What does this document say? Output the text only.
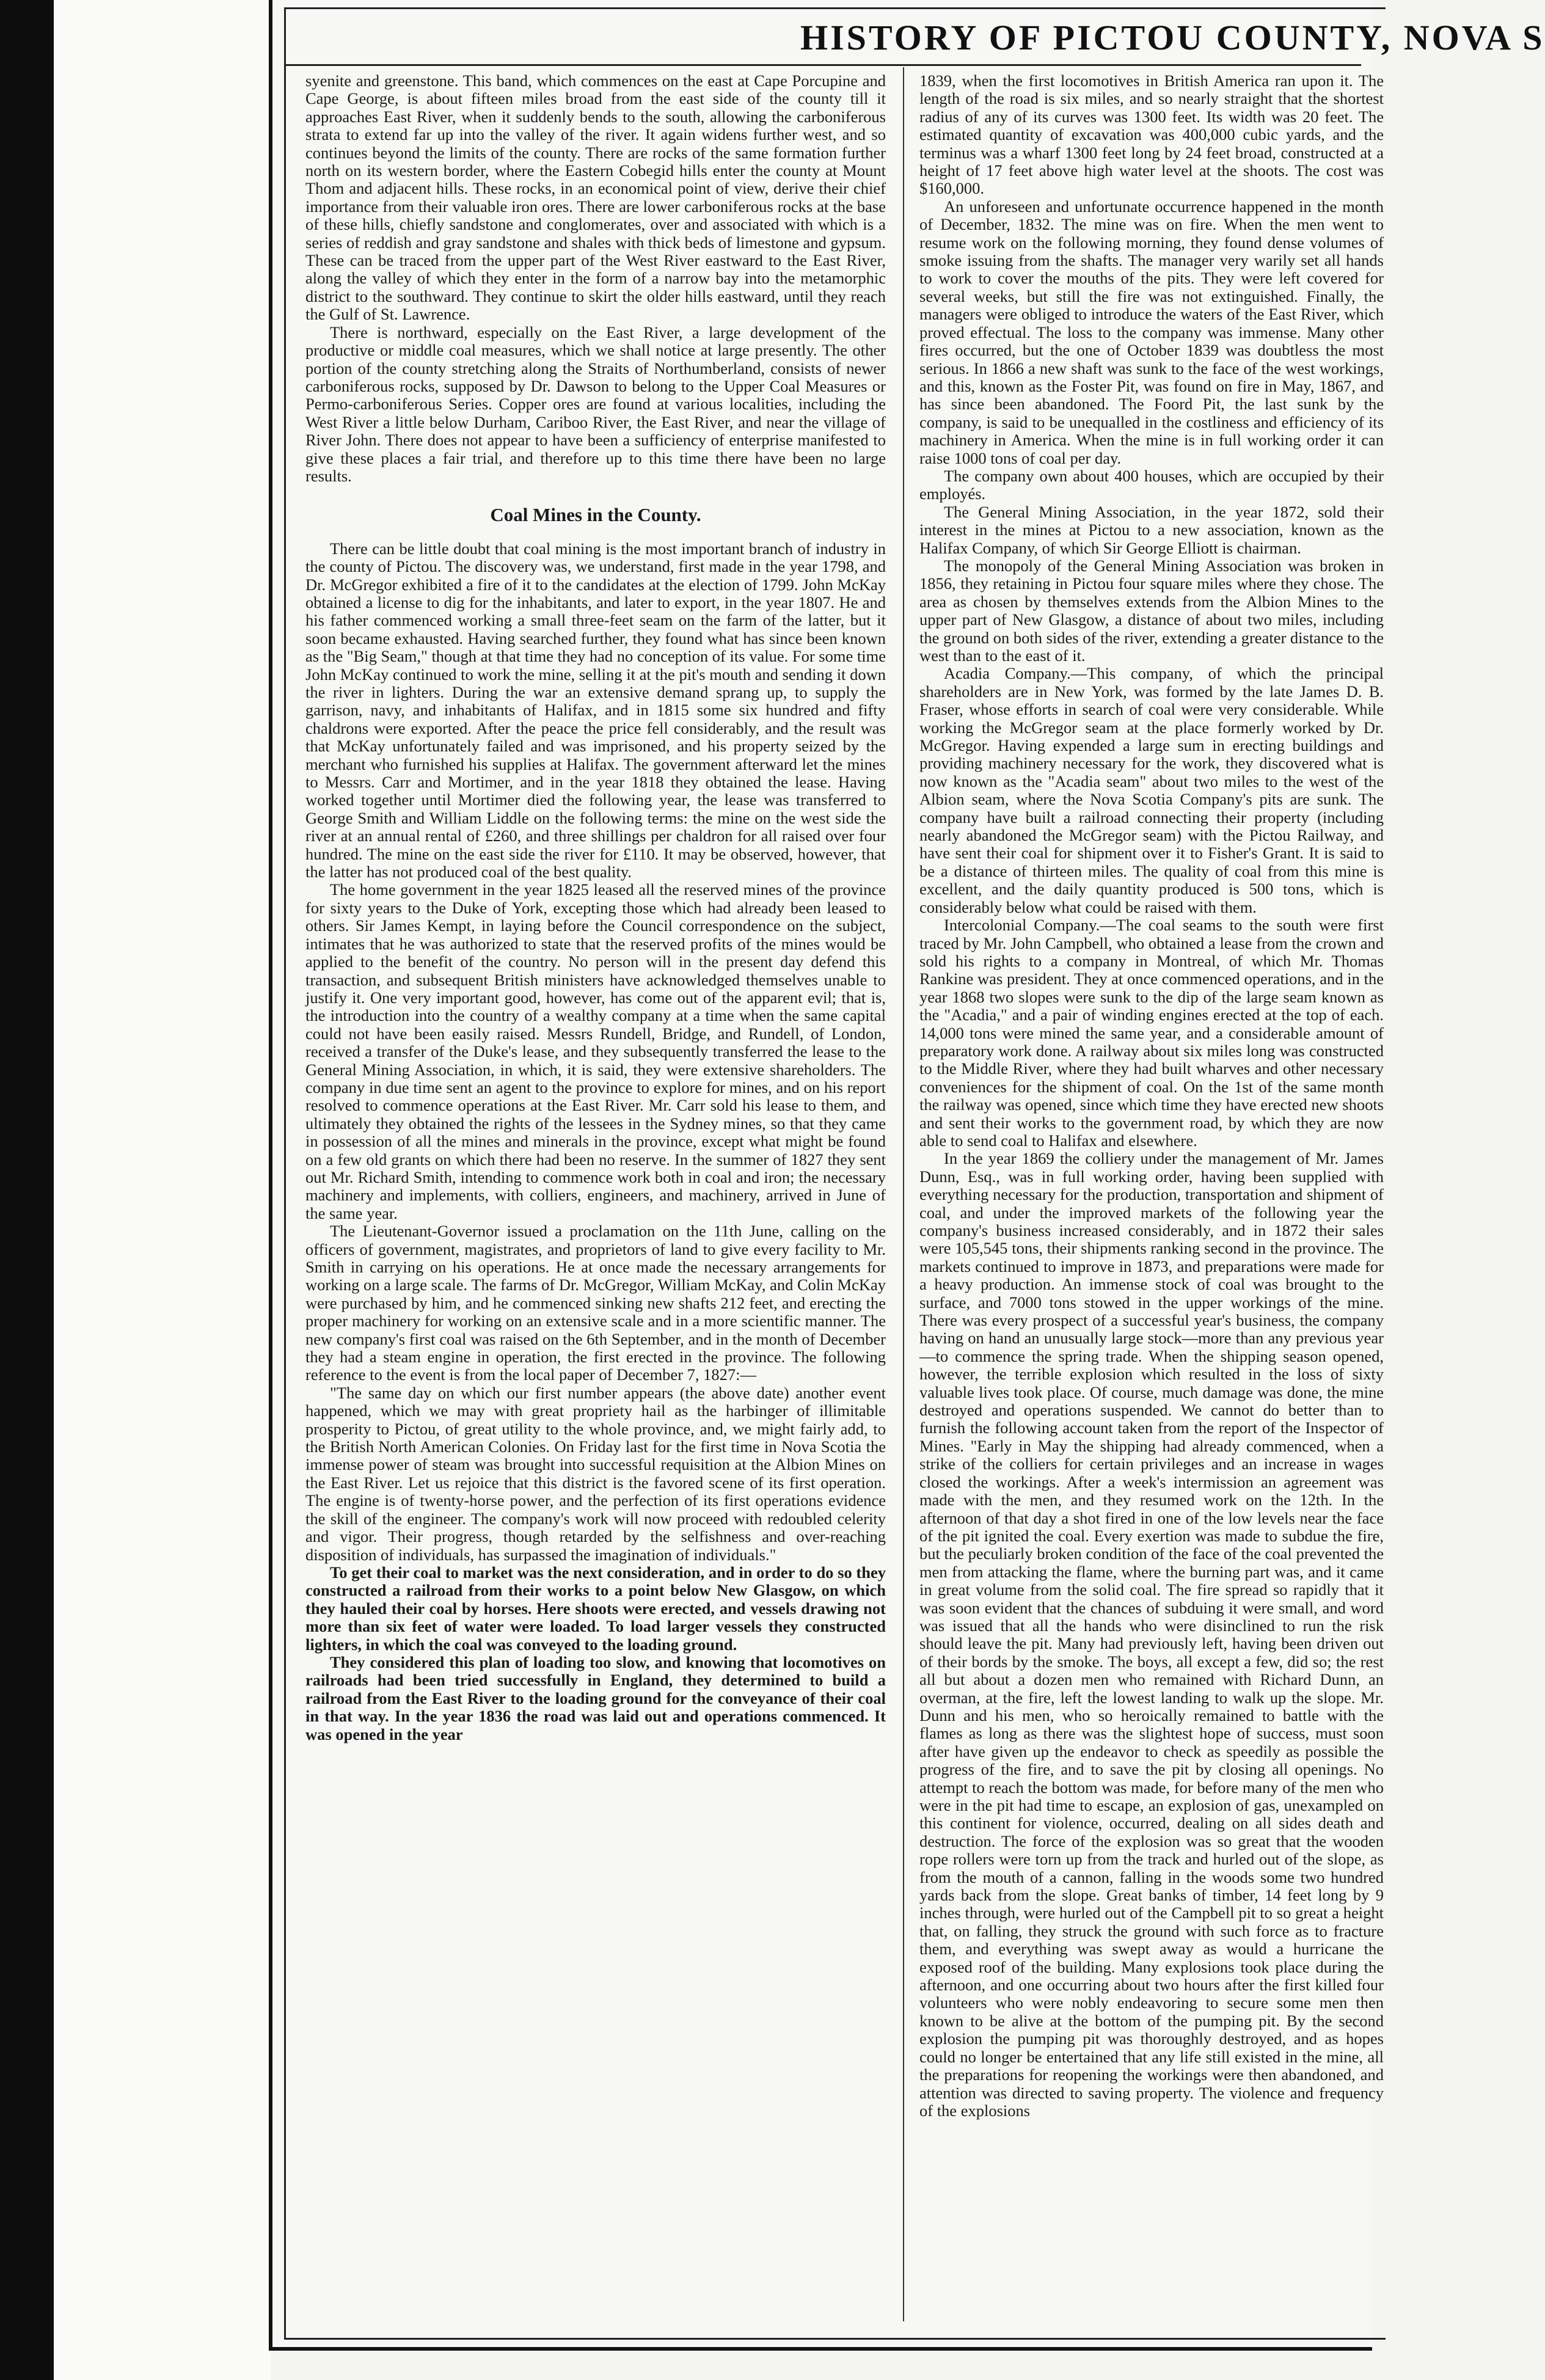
HISTORY OF PICTOU COUNTY, NOVA S

syenite and greenstone. This band, which commences on the east at Cape Porcupine and Cape George, is about fifteen miles broad from the east side of the county till it approaches East River, when it suddenly bends to the south, allowing the carboniferous strata to extend far up into the valley of the river. It again widens further west, and so continues beyond the limits of the county. There are rocks of the same formation further north on its western border, where the Eastern Cobegid hills enter the county at Mount Thom and adjacent hills. These rocks, in an economical point of view, derive their chief importance from their valuable iron ores. There are lower carboniferous rocks at the base of these hills, chiefly sandstone and conglomerates, over and associated with which is a series of reddish and gray sandstone and shales with thick beds of limestone and gypsum. These can be traced from the upper part of the West River eastward to the East River, along the valley of which they enter in the form of a narrow bay into the metamorphic district to the southward. They continue to skirt the older hills eastward, until they reach the Gulf of St. Lawrence.

There is northward, especially on the East River, a large development of the productive or middle coal measures, which we shall notice at large presently. The other portion of the county stretching along the Straits of Northumberland, consists of newer carboniferous rocks, supposed by Dr. Dawson to belong to the Upper Coal Measures or Permo-carboniferous Series. Copper ores are found at various localities, including the West River a little below Durham, Cariboo River, the East River, and near the village of River John. There does not appear to have been a sufficiency of enterprise manifested to give these places a fair trial, and therefore up to this time there have been no large results.

Coal Mines in the County.

There can be little doubt that coal mining is the most important branch of industry in the county of Pictou. The discovery was, we understand, first made in the year 1798, and Dr. McGregor exhibited a fire of it to the candidates at the election of 1799. John McKay obtained a license to dig for the inhabitants, and later to export, in the year 1807. He and his father commenced working a small three-feet seam on the farm of the latter, but it soon became exhausted. Having searched further, they found what has since been known as the "Big Seam," though at that time they had no conception of its value. For some time John McKay continued to work the mine, selling it at the pit's mouth and sending it down the river in lighters. During the war an extensive demand sprang up, to supply the garrison, navy, and inhabitants of Halifax, and in 1815 some six hundred and fifty chaldrons were exported. After the peace the price fell considerably, and the result was that McKay unfortunately failed and was imprisoned, and his property seized by the merchant who furnished his supplies at Halifax. The government afterward let the mines to Messrs. Carr and Mortimer, and in the year 1818 they obtained the lease. Having worked together until Mortimer died the following year, the lease was transferred to George Smith and William Liddle on the following terms: the mine on the west side the river at an annual rental of £260, and three shillings per chaldron for all raised over four hundred. The mine on the east side the river for £110. It may be observed, however, that the latter has not produced coal of the best quality.

The home government in the year 1825 leased all the reserved mines of the province for sixty years to the Duke of York, excepting those which had already been leased to others. Sir James Kempt, in laying before the Council correspondence on the subject, intimates that he was authorized to state that the reserved profits of the mines would be applied to the benefit of the country. No person will in the present day defend this transaction, and subsequent British ministers have acknowledged themselves unable to justify it. One very important good, however, has come out of the apparent evil; that is, the introduction into the country of a wealthy company at a time when the same capital could not have been easily raised. Messrs Rundell, Bridge, and Rundell, of London, received a transfer of the Duke's lease, and they subsequently transferred the lease to the General Mining Association, in which, it is said, they were extensive shareholders. The company in due time sent an agent to the province to explore for mines, and on his report resolved to commence operations at the East River. Mr. Carr sold his lease to them, and ultimately they obtained the rights of the lessees in the Sydney mines, so that they came in possession of all the mines and minerals in the province, except what might be found on a few old grants on which there had been no reserve. In the summer of 1827 they sent out Mr. Richard Smith, intending to commence work both in coal and iron; the necessary machinery and implements, with colliers, engineers, and machinery, arrived in June of the same year.

The Lieutenant-Governor issued a proclamation on the 11th June, calling on the officers of government, magistrates, and proprietors of land to give every facility to Mr. Smith in carrying on his operations. He at once made the necessary arrangements for working on a large scale. The farms of Dr. McGregor, William McKay, and Colin McKay were purchased by him, and he commenced sinking new shafts 212 feet, and erecting the proper machinery for working on an extensive scale and in a more scientific manner. The new company's first coal was raised on the 6th September, and in the month of December they had a steam engine in operation, the first erected in the province. The following reference to the event is from the local paper of December 7, 1827:—

"The same day on which our first number appears (the above date) another event happened, which we may with great propriety hail as the harbinger of illimitable prosperity to Pictou, of great utility to the whole province, and, we might fairly add, to the British North American Colonies. On Friday last for the first time in Nova Scotia the immense power of steam was brought into successful requisition at the Albion Mines on the East River. Let us rejoice that this district is the favored scene of its first operation. The engine is of twenty-horse power, and the perfection of its first operations evidence the skill of the engineer. The company's work will now proceed with redoubled celerity and vigor. Their progress, though retarded by the selfishness and over-reaching disposition of individuals, has surpassed the imagination of individuals."

To get their coal to market was the next consideration, and in order to do so they constructed a railroad from their works to a point below New Glasgow, on which they hauled their coal by horses. Here shoots were erected, and vessels drawing not more than six feet of water were loaded. To load larger vessels they constructed lighters, in which the coal was conveyed to the loading ground.

They considered this plan of loading too slow, and knowing that locomotives on railroads had been tried successfully in England, they determined to build a railroad from the East River to the loading ground for the conveyance of their coal in that way. In the year 1836 the road was laid out and operations commenced. It was opened in the year

1839, when the first locomotives in British America ran upon it. The length of the road is six miles, and so nearly straight that the shortest radius of any of its curves was 1300 feet. Its width was 20 feet. The estimated quantity of excavation was 400,000 cubic yards, and the terminus was a wharf 1300 feet long by 24 feet broad, constructed at a height of 17 feet above high water level at the shoots. The cost was $160,000.

An unforeseen and unfortunate occurrence happened in the month of December, 1832. The mine was on fire. When the men went to resume work on the following morning, they found dense volumes of smoke issuing from the shafts. The manager very warily set all hands to work to cover the mouths of the pits. They were left covered for several weeks, but still the fire was not extinguished. Finally, the managers were obliged to introduce the waters of the East River, which proved effectual. The loss to the company was immense. Many other fires occurred, but the one of October 1839 was doubtless the most serious. In 1866 a new shaft was sunk to the face of the west workings, and this, known as the Foster Pit, was found on fire in May, 1867, and has since been abandoned. The Foord Pit, the last sunk by the company, is said to be unequalled in the costliness and efficiency of its machinery in America. When the mine is in full working order it can raise 1000 tons of coal per day.

The company own about 400 houses, which are occupied by their employés.

The General Mining Association, in the year 1872, sold their interest in the mines at Pictou to a new association, known as the Halifax Company, of which Sir George Elliott is chairman.

The monopoly of the General Mining Association was broken in 1856, they retaining in Pictou four square miles where they chose. The area as chosen by themselves extends from the Albion Mines to the upper part of New Glasgow, a distance of about two miles, including the ground on both sides of the river, extending a greater distance to the west than to the east of it.

Acadia Company.—This company, of which the principal shareholders are in New York, was formed by the late James D. B. Fraser, whose efforts in search of coal were very considerable. While working the McGregor seam at the place formerly worked by Dr. McGregor. Having expended a large sum in erecting buildings and providing machinery necessary for the work, they discovered what is now known as the "Acadia seam" about two miles to the west of the Albion seam, where the Nova Scotia Company's pits are sunk. The company have built a railroad connecting their property (including nearly abandoned the McGregor seam) with the Pictou Railway, and have sent their coal for shipment over it to Fisher's Grant. It is said to be a distance of thirteen miles. The quality of coal from this mine is excellent, and the daily quantity produced is 500 tons, which is considerably below what could be raised with them.

Intercolonial Company.—The coal seams to the south were first traced by Mr. John Campbell, who obtained a lease from the crown and sold his rights to a company in Montreal, of which Mr. Thomas Rankine was president. They at once commenced operations, and in the year 1868 two slopes were sunk to the dip of the large seam known as the "Acadia," and a pair of winding engines erected at the top of each. 14,000 tons were mined the same year, and a considerable amount of preparatory work done. A railway about six miles long was constructed to the Middle River, where they had built wharves and other necessary conveniences for the shipment of coal. On the 1st of the same month the railway was opened, since which time they have erected new shoots and sent their works to the government road, by which they are now able to send coal to Halifax and elsewhere.

In the year 1869 the colliery under the management of Mr. James Dunn, Esq., was in full working order, having been supplied with everything necessary for the production, transportation and shipment of coal, and under the improved markets of the following year the company's business increased considerably, and in 1872 their sales were 105,545 tons, their shipments ranking second in the province. The markets continued to improve in 1873, and preparations were made for a heavy production. An immense stock of coal was brought to the surface, and 7000 tons stowed in the upper workings of the mine. There was every prospect of a successful year's business, the company having on hand an unusually large stock—more than any previous year—to commence the spring trade. When the shipping season opened, however, the terrible explosion which resulted in the loss of sixty valuable lives took place. Of course, much damage was done, the mine destroyed and operations suspended. We cannot do better than to furnish the following account taken from the report of the Inspector of Mines. "Early in May the shipping had already commenced, when a strike of the colliers for certain privileges and an increase in wages closed the workings. After a week's intermission an agreement was made with the men, and they resumed work on the 12th. In the afternoon of that day a shot fired in one of the low levels near the face of the pit ignited the coal. Every exertion was made to subdue the fire, but the peculiarly broken condition of the face of the coal prevented the men from attacking the flame, where the burning part was, and it came in great volume from the solid coal. The fire spread so rapidly that it was soon evident that the chances of subduing it were small, and word was issued that all the hands who were disinclined to run the risk should leave the pit. Many had previously left, having been driven out of their bords by the smoke. The boys, all except a few, did so; the rest all but about a dozen men who remained with Richard Dunn, an overman, at the fire, left the lowest landing to walk up the slope. Mr. Dunn and his men, who so heroically remained to battle with the flames as long as there was the slightest hope of success, must soon after have given up the endeavor to check as speedily as possible the progress of the fire, and to save the pit by closing all openings. No attempt to reach the bottom was made, for before many of the men who were in the pit had time to escape, an explosion of gas, unexampled on this continent for violence, occurred, dealing on all sides death and destruction. The force of the explosion was so great that the wooden rope rollers were torn up from the track and hurled out of the slope, as from the mouth of a cannon, falling in the woods some two hundred yards back from the slope. Great banks of timber, 14 feet long by 9 inches through, were hurled out of the Campbell pit to so great a height that, on falling, they struck the ground with such force as to fracture them, and everything was swept away as would a hurricane the exposed roof of the building. Many explosions took place during the afternoon, and one occurring about two hours after the first killed four volunteers who were nobly endeavoring to secure some men then known to be alive at the bottom of the pumping pit. By the second explosion the pumping pit was thoroughly destroyed, and as hopes could no longer be entertained that any life still existed in the mine, all the preparations for reopening the workings were then abandoned, and attention was directed to saving property. The violence and frequency of the explosions
